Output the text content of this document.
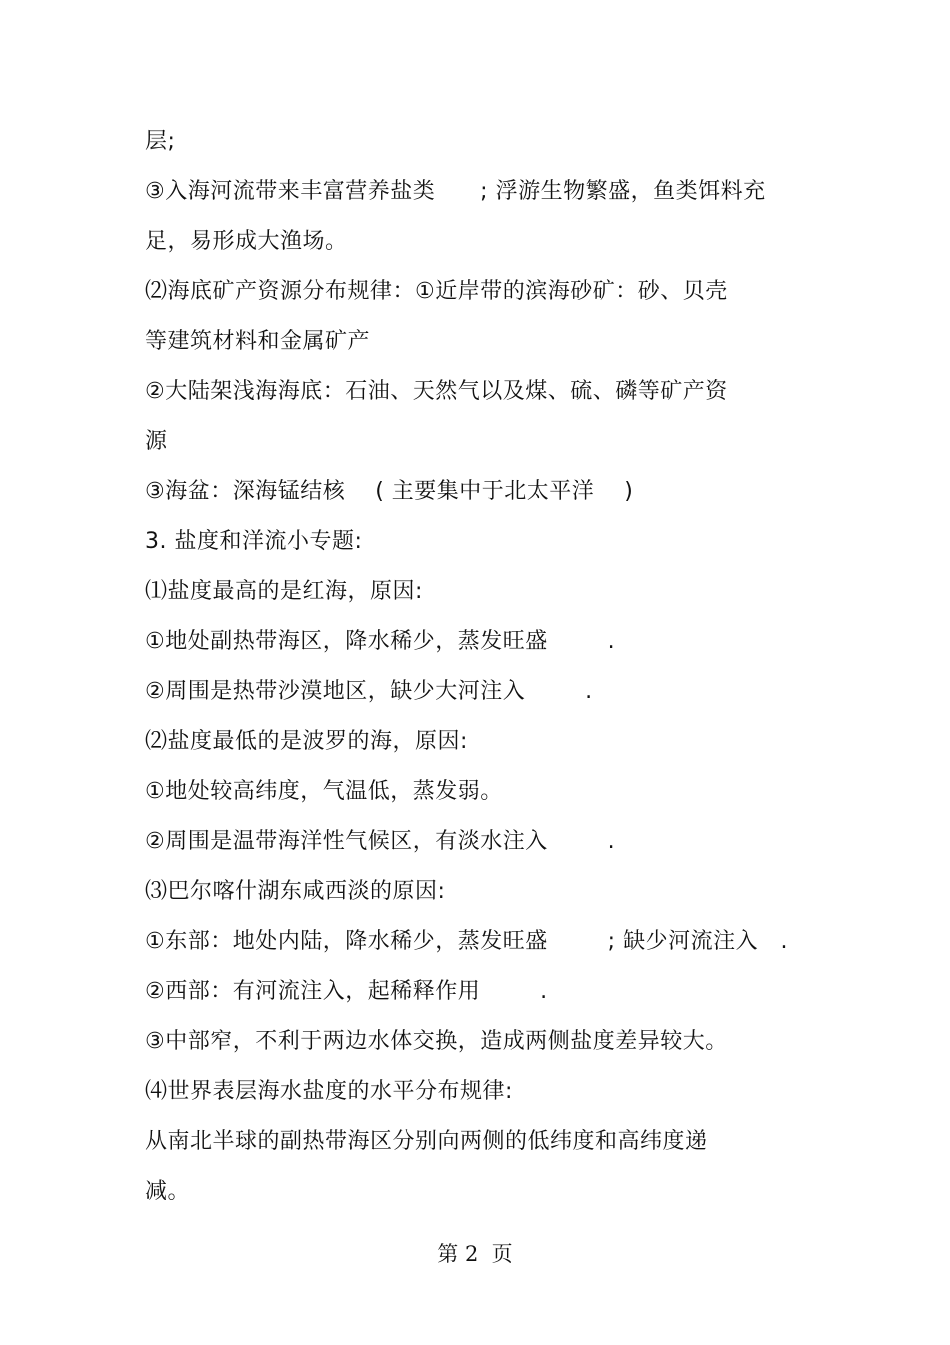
层;
③入海河流带来丰富营养盐类      ; 浮游生物繁盛，鱼类饵料充
足，易形成大渔场。
⑵海底矿产资源分布规律：①近岸带的滨海砂矿：砂、贝壳
等建筑材料和金属矿产
②大陆架浅海海底：石油、天然气以及煤、硫、磷等矿产资
源
③海盆：深海锰结核    ( 主要集中于北太平洋    )
3. 盐度和洋流小专题:
⑴盐度最高的是红海，原因:
①地处副热带海区，降水稀少，蒸发旺盛        .
②周围是热带沙漠地区，缺少大河注入        .
⑵盐度最低的是波罗的海，原因:
①地处较高纬度，气温低，蒸发弱。
②周围是温带海洋性气候区，有淡水注入        .
⑶巴尔喀什湖东咸西淡的原因:
①东部：地处内陆，降水稀少，蒸发旺盛        ; 缺少河流注入   .
②西部：有河流注入，起稀释作用        .
③中部窄，不利于两边水体交换，造成两侧盐度差异较大。
⑷世界表层海水盐度的水平分布规律:
从南北半球的副热带海区分别向两侧的低纬度和高纬度递
减。
第 2  页
